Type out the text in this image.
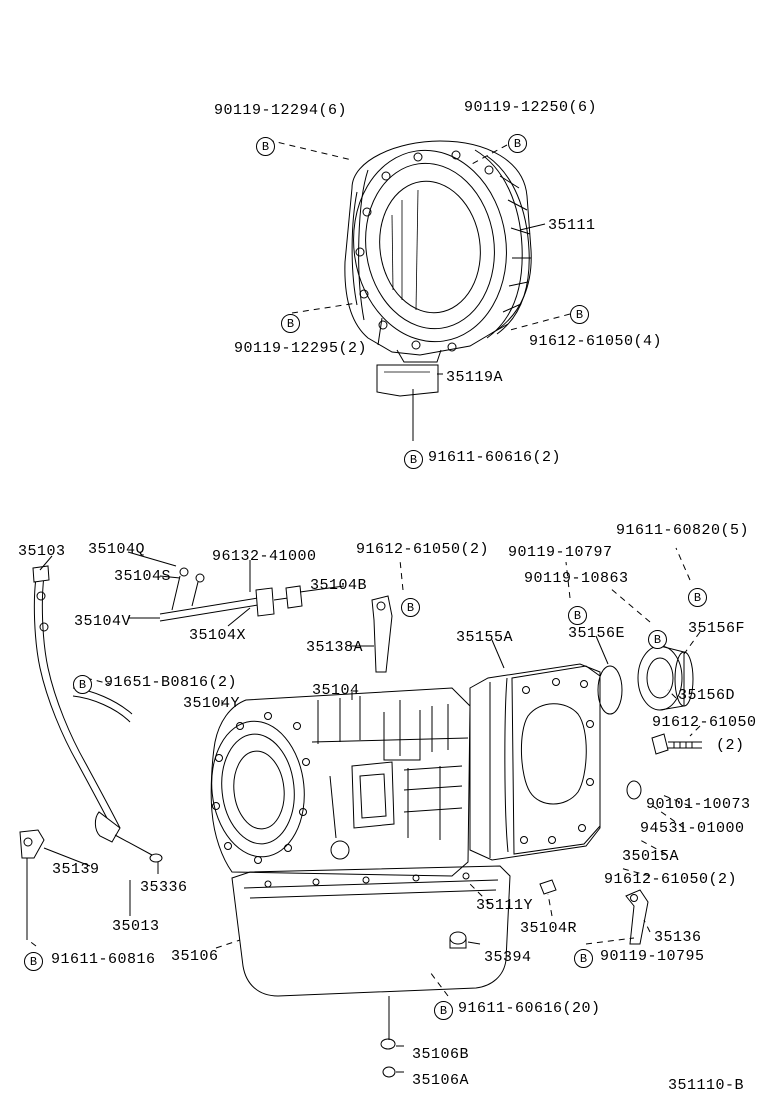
90119-12294(6)
B
90119-12250(6)
B
35111
90119-12295(2)
B
91612-61050(4)
B
35119A
91611-60616(2)
B
35103 35104Q
35104S
96132-41000
35104B
91612-61050(2)
B
90119-10797
B
90119-10863
B
91611-60820(5)
B
35104V
35104X
35138A
35155A	35156E	35156F
91651-B0816(2)
B
35104Y
35104	35156D
91612-61050
(2)
90101-10073
94531-01000
35015A
91612-61050(2)
35139
35336
35013
91611-60816
B	35106
35111Y
35104R
35136
35394	90119-10795
B
91611-60616(20)
B
35106B
35106A	351110-B
